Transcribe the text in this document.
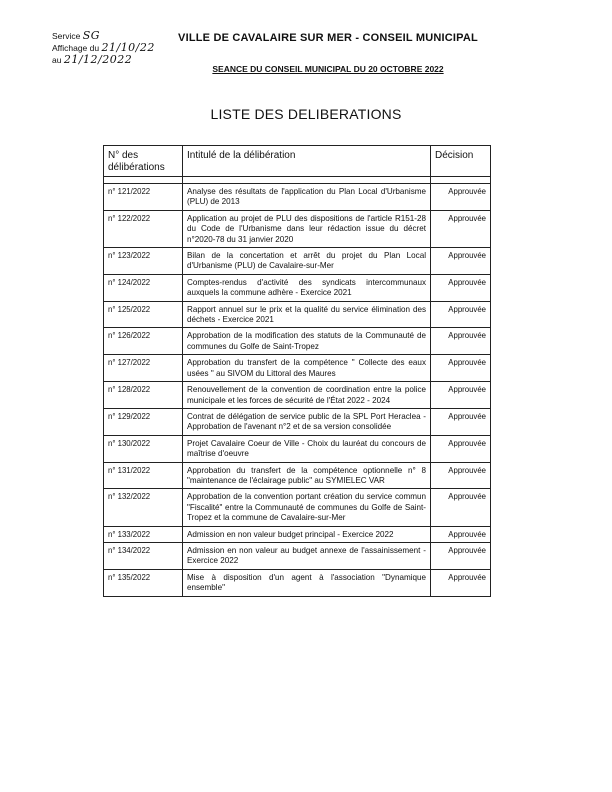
Service SG
Affichage du 21/10/22
au 21/12/2022
VILLE DE CAVALAIRE SUR MER - CONSEIL MUNICIPAL
SEANCE DU CONSEIL MUNICIPAL DU 20 OCTOBRE 2022
LISTE DES DELIBERATIONS
N° des délibérations	Intitulé de la délibération	Décision

n° 121/2022	Analyse des résultats de l'application du Plan Local d'Urbanisme (PLU) de 2013	Approuvée
n° 122/2022	Application au projet de PLU des dispositions de l'article R151-28 du Code de l'Urbanisme dans leur rédaction issue du décret n°2020-78 du 31 janvier 2020	Approuvée
n° 123/2022	Bilan de la concertation et arrêt du projet du Plan Local d'Urbanisme (PLU) de Cavalaire-sur-Mer	Approuvée
n° 124/2022	Comptes-rendus d'activité des syndicats intercommunaux auxquels la commune adhère - Exercice 2021	Approuvée
n° 125/2022	Rapport annuel sur le prix et la qualité du service élimination des déchets - Exercice 2021	Approuvée
n° 126/2022	Approbation de la modification des statuts de la Communauté de communes du Golfe de Saint-Tropez	Approuvée
n° 127/2022	Approbation du transfert de la compétence " Collecte des eaux usées " au SIVOM du Littoral des Maures	Approuvée
n° 128/2022	Renouvellement de la convention de coordination entre la police municipale et les forces de sécurité de l'État 2022 - 2024	Approuvée
n° 129/2022	Contrat de délégation de service public de la SPL Port Heraclea - Approbation de l'avenant n°2 et de sa version consolidée	Approuvée
n° 130/2022	Projet Cavalaire Coeur de Ville - Choix du lauréat du concours de maîtrise d'oeuvre	Approuvée
n° 131/2022	Approbation du transfert de la compétence optionnelle n° 8 "maintenance de l'éclairage public" au SYMIELEC VAR	Approuvée
n° 132/2022	Approbation de la convention portant création du service commun "Fiscalité" entre la Communauté de communes du Golfe de Saint-Tropez et la commune de Cavalaire-sur-Mer	Approuvée
n° 133/2022	Admission en non valeur budget principal - Exercice 2022	Approuvée
n° 134/2022	Admission en non valeur au budget annexe de l'assainissement - Exercice 2022	Approuvée
n° 135/2022	Mise à disposition d'un agent à l'association "Dynamique ensemble"	Approuvée
